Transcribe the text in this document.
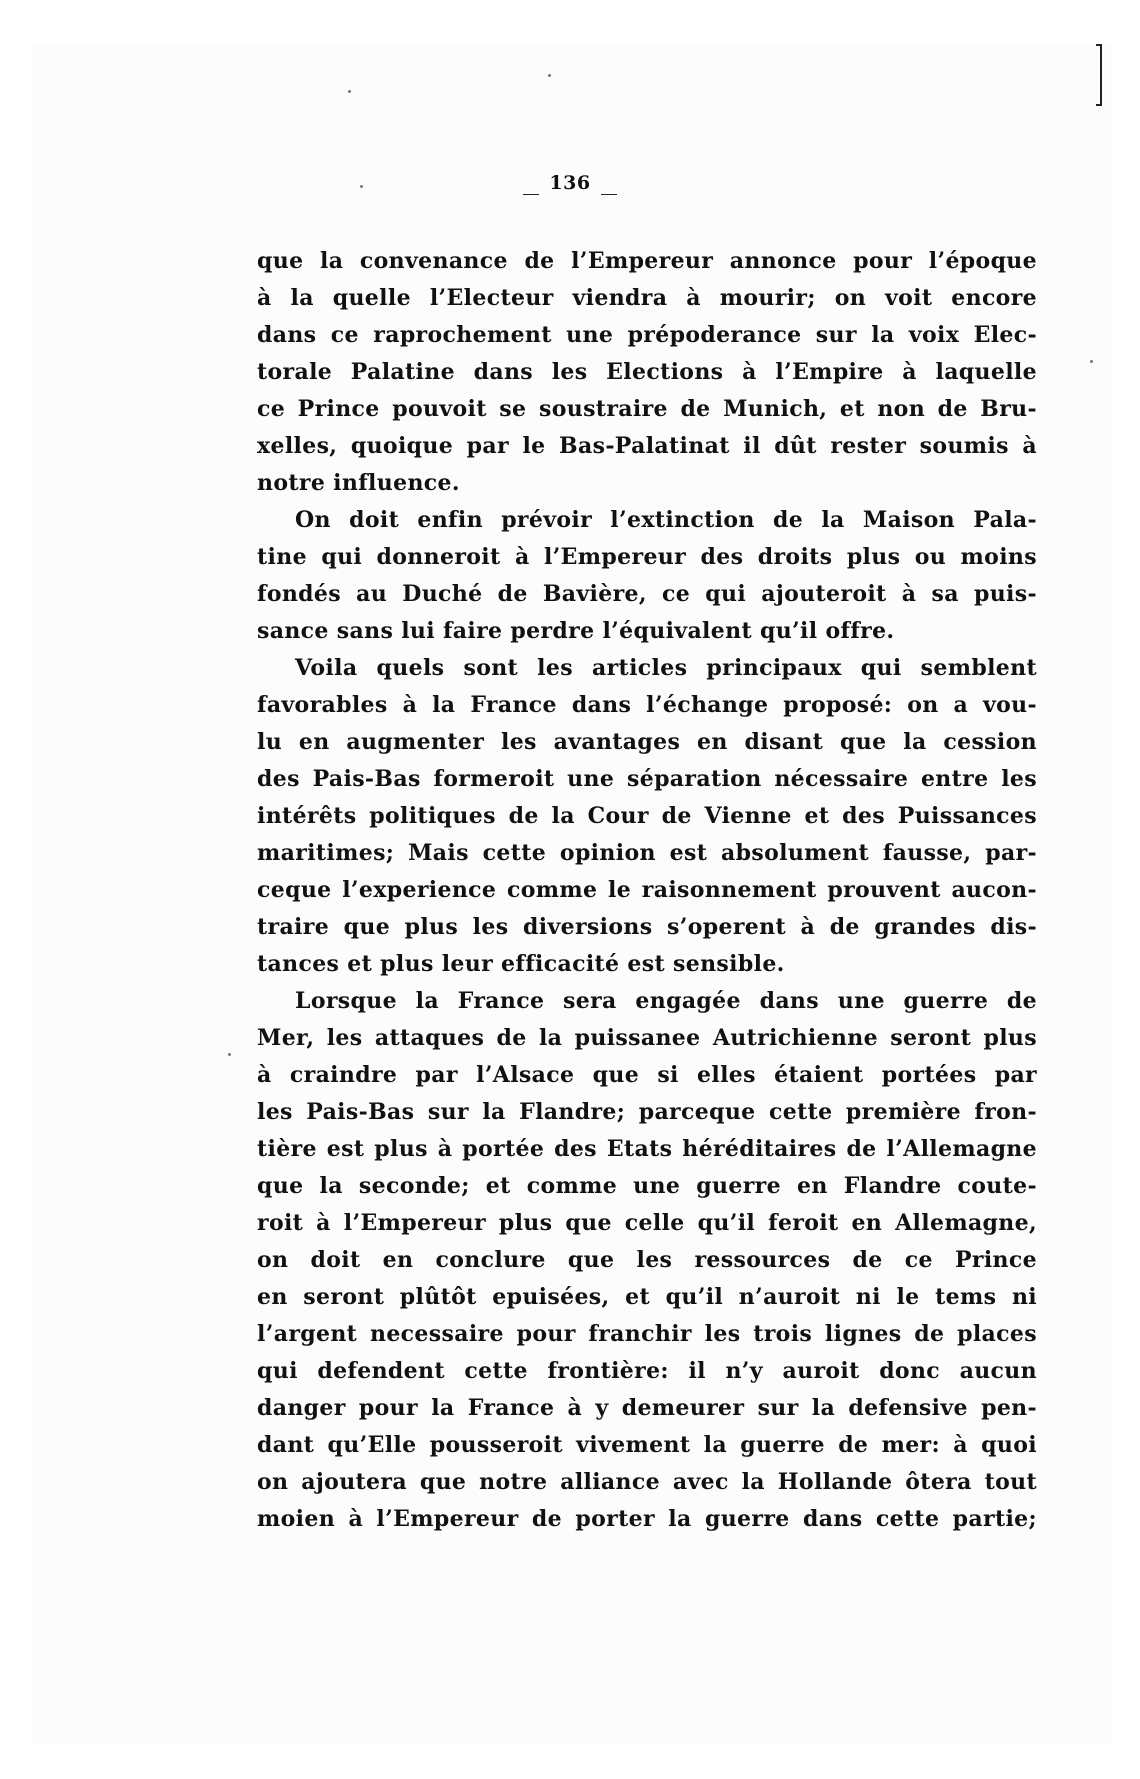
136
que la convenance de l’Empereur annonce pour l’époque
à la quelle l’Electeur viendra à mourir; on voit encore
dans ce raprochement une prépoderance sur la voix Elec-
torale Palatine dans les Elections à l’Empire à laquelle
ce Prince pouvoit se soustraire de Munich, et non de Bru-
xelles, quoique par le Bas-Palatinat il dût rester soumis à
notre influence.
On doit enfin prévoir l’extinction de la Maison Pala-
tine qui donneroit à l’Empereur des droits plus ou moins
fondés au Duché de Bavière, ce qui ajouteroit à sa puis-
sance sans lui faire perdre l’équivalent qu’il offre.
Voila quels sont les articles principaux qui semblent
favorables à la France dans l’échange proposé: on a vou-
lu en augmenter les avantages en disant que la cession
des Pais-Bas formeroit une séparation nécessaire entre les
intérêts politiques de la Cour de Vienne et des Puissances
maritimes; Mais cette opinion est absolument fausse, par-
ceque l’experience comme le raisonnement prouvent aucon-
traire que plus les diversions s’operent à de grandes dis-
tances et plus leur efficacité est sensible.
Lorsque la France sera engagée dans une guerre de
Mer, les attaques de la puissanee Autrichienne seront plus
à craindre par l’Alsace que si elles étaient portées par
les Pais-Bas sur la Flandre; parceque cette première fron-
tière est plus à portée des Etats héréditaires de l’Allemagne
que la seconde; et comme une guerre en Flandre coute-
roit à l’Empereur plus que celle qu’il feroit en Allemagne,
on doit en conclure que les ressources de ce Prince
en seront plûtôt epuisées, et qu’il n’auroit ni le tems ni
l’argent necessaire pour franchir les trois lignes de places
qui defendent cette frontière: il n’y auroit donc aucun
danger pour la France à y demeurer sur la defensive pen-
dant qu’Elle pousseroit vivement la guerre de mer: à quoi
on ajoutera que notre alliance avec la Hollande ôtera tout
moien à l’Empereur de porter la guerre dans cette partie;
